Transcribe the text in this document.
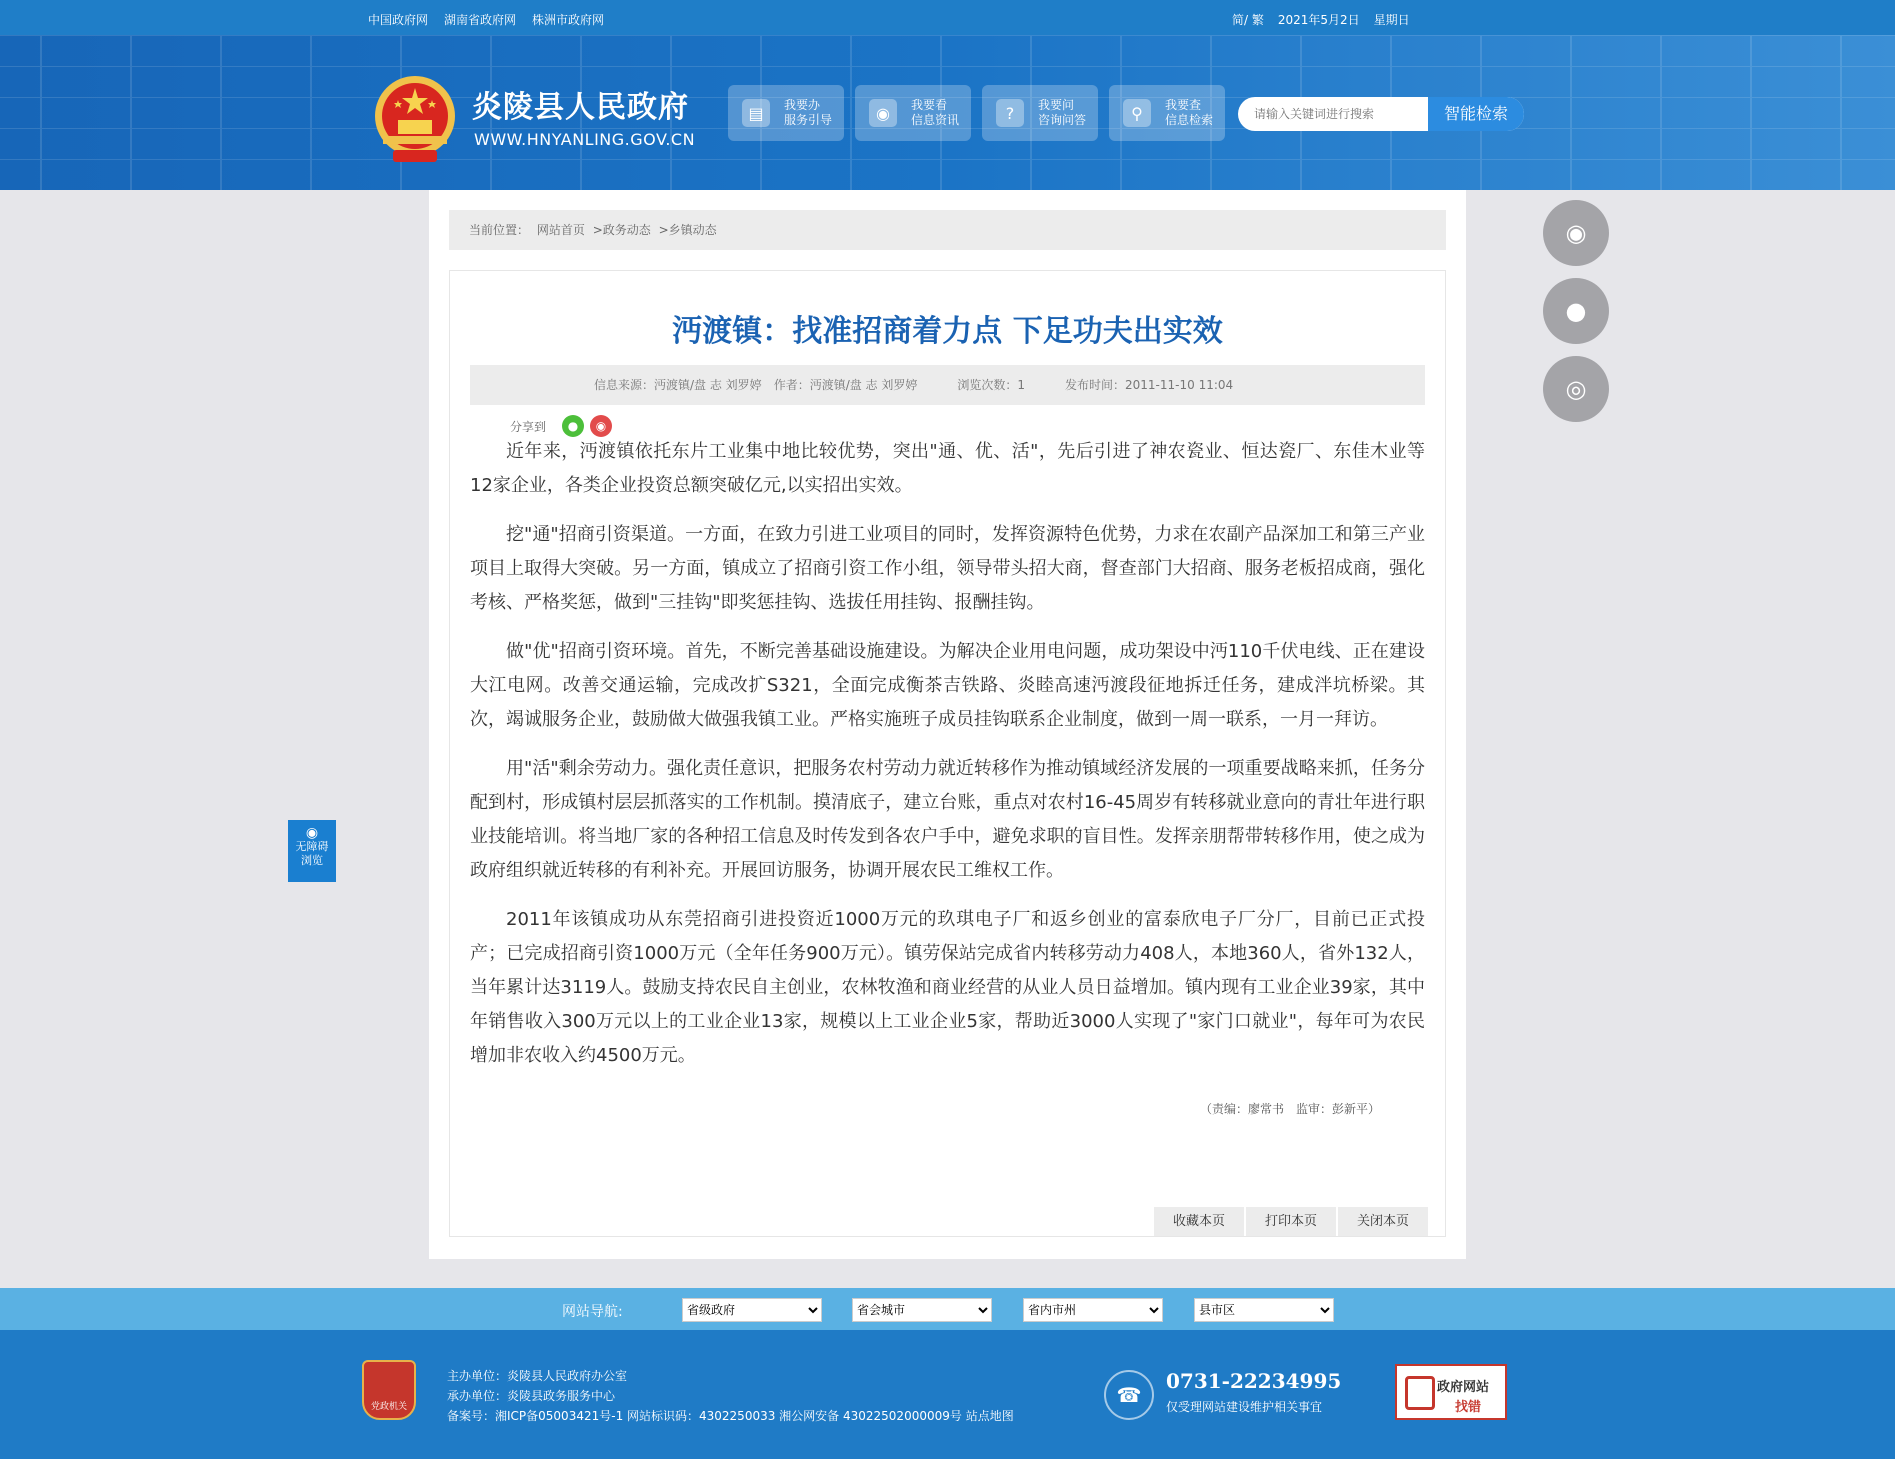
中国政府网 湖南省政府网 株洲市政府网	简/ 繁 2021年5月2日 星期日
炎陵县人民政府
WWW.HNYANLING.GOV.CN
▤	我要办
服务引导	◉	我要看
信息资讯	?	我要问
咨询问答	⚲	我要查
信息检索
请输入关键词进行搜索	智能检索
当前位置： 网站首页 >政务动态 >乡镇动态
沔渡镇：找准招商着力点 下足功夫出实效
信息来源：沔渡镇/盘 志 刘罗婷 作者：沔渡镇/盘 志 刘罗婷	浏览次数：1	发布时间：2011-11-10 11:04
分享到	●	◉

近年来，沔渡镇依托东片工业集中地比较优势，突出"通、优、活"，先后引进了神农瓷业、恒达瓷厂、东佳木业等12家企业，各类企业投资总额突破亿元,以实招出实效。

挖"通"招商引资渠道。一方面，在致力引进工业项目的同时，发挥资源特色优势，力求在农副产品深加工和第三产业项目上取得大突破。另一方面，镇成立了招商引资工作小组，领导带头招大商，督查部门大招商、服务老板招成商，强化考核、严格奖惩，做到"三挂钩"即奖惩挂钩、选拔任用挂钩、报酬挂钩。

做"优"招商引资环境。首先，不断完善基础设施建设。为解决企业用电问题，成功架设中沔110千伏电线、正在建设大江电网。改善交通运输，完成改扩S321，全面完成衡茶吉铁路、炎睦高速沔渡段征地拆迁任务，建成泮坑桥梁。其次，竭诚服务企业，鼓励做大做强我镇工业。严格实施班子成员挂钩联系企业制度，做到一周一联系，一月一拜访。

用"活"剩余劳动力。强化责任意识，把服务农村劳动力就近转移作为推动镇域经济发展的一项重要战略来抓，任务分配到村，形成镇村层层抓落实的工作机制。摸清底子，建立台账，重点对农村16-45周岁有转移就业意向的青壮年进行职业技能培训。将当地厂家的各种招工信息及时传发到各农户手中，避免求职的盲目性。发挥亲朋帮带转移作用，使之成为政府组织就近转移的有利补充。开展回访服务，协调开展农民工维权工作。

2011年该镇成功从东莞招商引进投资近1000万元的玖琪电子厂和返乡创业的富泰欣电子厂分厂，目前已正式投产；已完成招商引资1000万元（全年任务900万元）。镇劳保站完成省内转移劳动力408人，本地360人，省外132人，当年累计达3119人。鼓励支持农民自主创业，农林牧渔和商业经营的从业人员日益增加。镇内现有工业企业39家，其中年销售收入300万元以上的工业企业13家，规模以上工业企业5家，帮助近3000人实现了"家门口就业"，每年可为农民增加非农收入约4500万元。

（责编：廖常书　监审：彭新平）
收藏本页	打印本页	关闭本页
◉
●
◎
◉
无障碍
浏览
网站导航:
省级政府
省会城市
省内市州
县市区
党政机关
主办单位：炎陵县人民政府办公室
承办单位：炎陵县政务服务中心
备案号：湘ICP备05003421号-1 网站标识码：4302250033 湘公网安备 43022502000009号 站点地图
☎
0731-22234995
仅受理网站建设维护相关事宜
政府网站
找错
